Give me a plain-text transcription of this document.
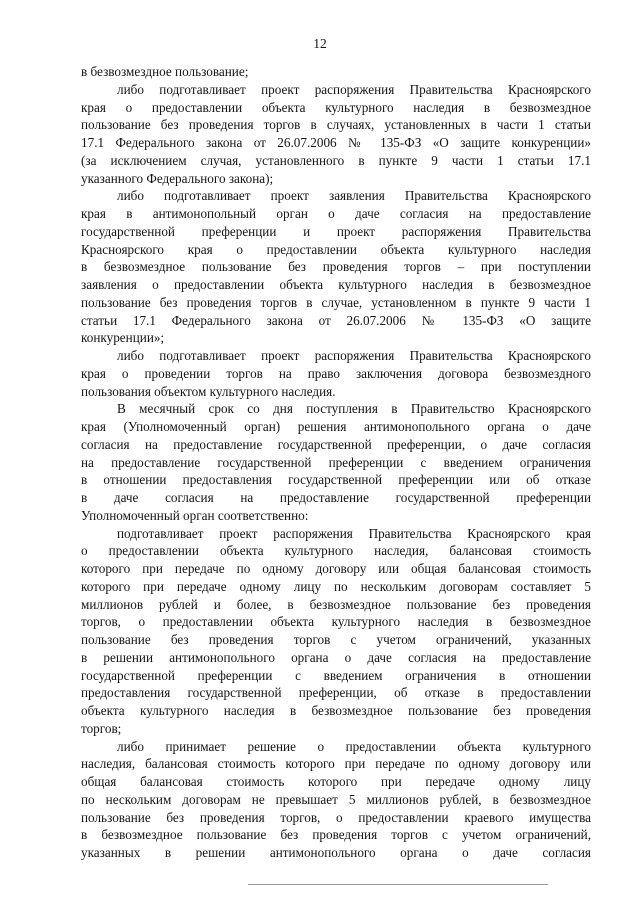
12
в безвозмездное пользование;
либо подготавливает проект распоряжения Правительства Красноярского
края о предоставлении объекта культурного наследия в безвозмездное
пользование без проведения торгов в случаях, установленных в части 1 статьи
17.1 Федерального закона от 26.07.2006 № 135-ФЗ «О защите конкуренции»
(за исключением случая, установленного в пункте 9 части 1 статьи 17.1
указанного Федерального закона);
либо подготавливает проект заявления Правительства Красноярского
края в антимонопольный орган о даче согласия на предоставление
государственной преференции и проект распоряжения Правительства
Красноярского края о предоставлении объекта культурного наследия
в безвозмездное пользование без проведения торгов – при поступлении
заявления о предоставлении объекта культурного наследия в безвозмездное
пользование без проведения торгов в случае, установленном в пункте 9 части 1
статьи 17.1 Федерального закона от 26.07.2006 № 135-ФЗ «О защите
конкуренции»;
либо подготавливает проект распоряжения Правительства Красноярского
края о проведении торгов на право заключения договора безвозмездного
пользования объектом культурного наследия.
В месячный срок со дня поступления в Правительство Красноярского
края (Уполномоченный орган) решения антимонопольного органа о даче
согласия на предоставление государственной преференции, о даче согласия
на предоставление государственной преференции с введением ограничения
в отношении предоставления государственной преференции или об отказе
в даче согласия на предоставление государственной преференции
Уполномоченный орган соответственно:
подготавливает проект распоряжения Правительства Красноярского края
о предоставлении объекта культурного наследия, балансовая стоимость
которого при передаче по одному договору или общая балансовая стоимость
которого при передаче одному лицу по нескольким договорам составляет 5
миллионов рублей и более, в безвозмездное пользование без проведения
торгов, о предоставлении объекта культурного наследия в безвозмездное
пользование без проведения торгов с учетом ограничений, указанных
в решении антимонопольного органа о даче согласия на предоставление
государственной преференции с введением ограничения в отношении
предоставления государственной преференции, об отказе в предоставлении
объекта культурного наследия в безвозмездное пользование без проведения
торгов;
либо принимает решение о предоставлении объекта культурного
наследия, балансовая стоимость которого при передаче по одному договору или
общая балансовая стоимость которого при передаче одному лицу
по нескольким договорам не превышает 5 миллионов рублей, в безвозмездное
пользование без проведения торгов, о предоставлении краевого имущества
в безвозмездное пользование без проведения торгов с учетом ограничений,
указанных в решении антимонопольного органа о даче согласия
